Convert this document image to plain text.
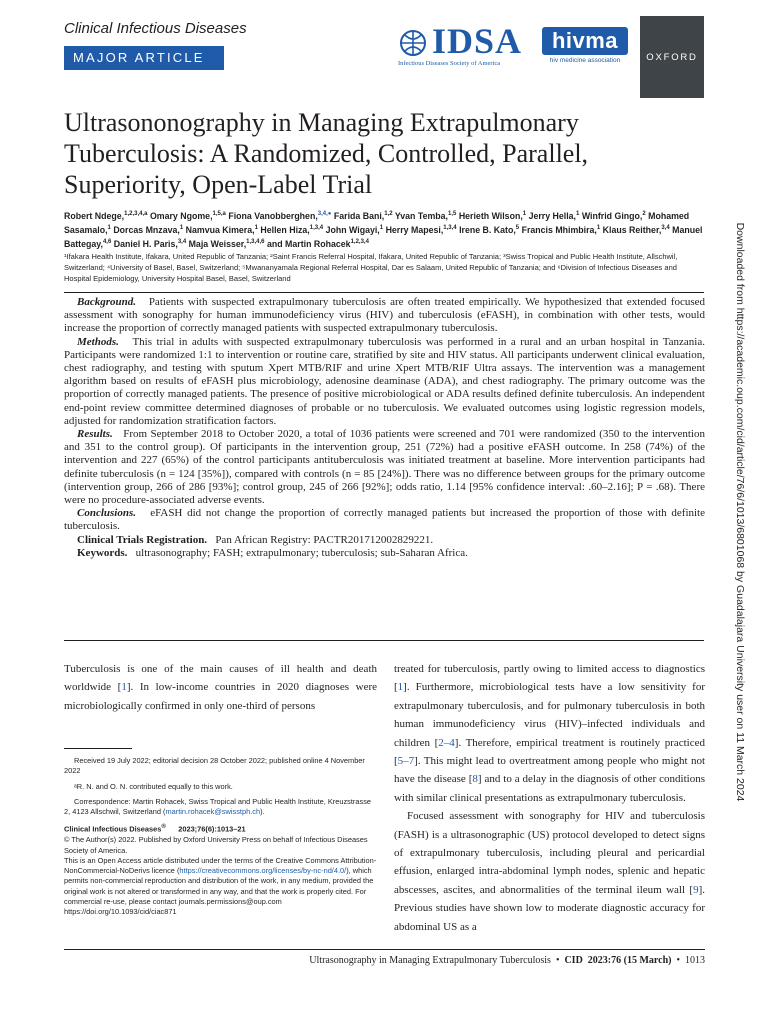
Clinical Infectious Diseases
MAJOR ARTICLE	IDSA
Infectious Diseases Society of America
hivma
hiv medicine association	OXFORD
Ultrasononography in Managing Extrapulmonary Tuberculosis: A Randomized, Controlled, Parallel, Superiority, Open-Label Trial
Robert Ndege,$^{1,2,3,4,a}$ Omary Ngome,$^{1,5,a}$ Fiona Vanobberghen,$^{3,4,●}$ Farida Bani,$^{1,2}$ Yvan Temba,$^{1,5}$ Herieth Wilson,$^1$ Jerry Hella,$^1$ Winfrid Gingo,$^2$ Mohamed Sasamalo,$^1$ Dorcas Mnzava,$^1$ Namvua Kimera,$^1$ Hellen Hiza,$^{1,3,4}$ John Wigayi,$^1$ Herry Mapesi,$^{1,3,4}$ Irene B. Kato,$^5$ Francis Mhimbira,$^1$ Klaus Reither,$^{3,4}$ Manuel Battegay,$^{4,6}$ Daniel H. Paris,$^{3,4}$ Maja Weisser,$^{1,3,4,6}$ and Martin Rohacek$^{1,2,3,4}$
¹Ifakara Health Institute, Ifakara, United Republic of Tanzania; ²Saint Francis Referral Hospital, Ifakara, United Republic of Tanzania; ³Swiss Tropical and Public Health Institute, Allschwil, Switzerland; ⁴University of Basel, Basel, Switzerland; ⁵Mwananyamala Regional Referral Hospital, Dar es Salaam, United Republic of Tanzania; and ⁶Division of Infectious Diseases and Hospital Epidemiology, University Hospital Basel, Basel, Switzerland

Background. Patients with suspected extrapulmonary tuberculosis are often treated empirically. We hypothesized that extended focused assessment with sonography for human immunodeficiency virus (HIV) and tuberculosis (eFASH), in combination with other tests, would increase the proportion of correctly managed patients with suspected extrapulmonary tuberculosis.

Methods. This trial in adults with suspected extrapulmonary tuberculosis was performed in a rural and an urban hospital in Tanzania. Participants were randomized 1:1 to intervention or routine care, stratified by site and HIV status. All participants underwent clinical evaluation, chest radiography, and testing with sputum Xpert MTB/RIF and urine Xpert MTB/RIF Ultra assays. The intervention was a management algorithm based on results of eFASH plus microbiology, adenosine deaminase (ADA), and chest radiography. The primary outcome was the proportion of correctly managed patients. The presence of positive microbiological or ADA results defined definite tuberculosis. An independent end-point review committee determined diagnoses of probable or no tuberculosis. We evaluated outcomes using logistic regression models, adjusted for randomization stratification factors.

Results. From September 2018 to October 2020, a total of 1036 patients were screened and 701 were randomized (350 to the intervention and 351 to the control group). Of participants in the intervention group, 251 (72%) had a positive eFASH outcome. In 258 (74%) of the intervention and 227 (65%) of the control participants antituberculosis was initiated treatment at baseline. More intervention participants had definite tuberculosis (n = 124 [35%]), compared with controls (n = 85 [24%]). There was no difference between groups for the primary outcome (intervention group, 266 of 286 [93%]; control group, 245 of 266 [92%]; odds ratio, 1.14 [95% confidence interval: .60–2.16]; P = .68). There were no procedure-associated adverse events.

Conclusions. eFASH did not change the proportion of correctly managed patients but increased the proportion of those with definite tuberculosis.

Clinical Trials Registration. Pan African Registry: PACTR201712002829221.

Keywords. ultrasonography; FASH; extrapulmonary; tuberculosis; sub-Saharan Africa.

Tuberculosis is one of the main causes of ill health and death worldwide [1]. In low-income countries in 2020 diagnoses were microbiologically confirmed in only one-third of persons

treated for tuberculosis, partly owing to limited access to diagnostics [1]. Furthermore, microbiological tests have a low sensitivity for extrapulmonary tuberculosis, and for pulmonary tuberculosis in both human immunodeficiency virus (HIV)–infected individuals and children [2–4]. Therefore, empirical treatment is routinely practiced [5–7]. This might lead to overtreatment among people who might not have the disease [8] and to a delay in the diagnosis of other conditions with similar clinical presentations as extrapulmonary tuberculosis.

Focused assessment with sonography for HIV and tuberculosis (FASH) is a ultrasonographic (US) protocol developed to detect signs of extrapulmonary tuberculosis, including pleural and pericardial effusion, enlarged intra-abdominal lymph nodes, splenic and hepatic abscesses, ascites, and abnormalities of the terminal ileum wall [9]. Previous studies have shown low to moderate diagnostic accuracy for abdominal US as a

Received 19 July 2022; editorial decision 28 October 2022; published online 4 November 2022

ᵃR. N. and O. N. contributed equally to this work.

Correspondence: Martin Rohacek, Swiss Tropical and Public Health Institute, Kreuzstrasse 2, 4123 Allschwil, Switzerland (martin.rohacek@swisstph.ch).

Clinical Infectious Diseases® 2023;76(6):1013–21

© The Author(s) 2022. Published by Oxford University Press on behalf of Infectious Diseases Society of America.

This is an Open Access article distributed under the terms of the Creative Commons Attribution-NonCommercial-NoDerivs licence (https://creativecommons.org/licenses/by-nc-nd/4.0/), which permits non-commercial reproduction and distribution of the work, in any medium, provided the original work is not altered or transformed in any way, and that the work is properly cited. For commercial re-use, please contact journals.permissions@oup.com

https://doi.org/10.1093/cid/ciac871

Downloaded from https://academic.oup.com/cid/article/76/6/1013/6801068 by Guadalajara University user on 11 March 2024
Ultrasonography in Managing Extrapulmonary Tuberculosis • CID 2023:76 (15 March) • 1013
